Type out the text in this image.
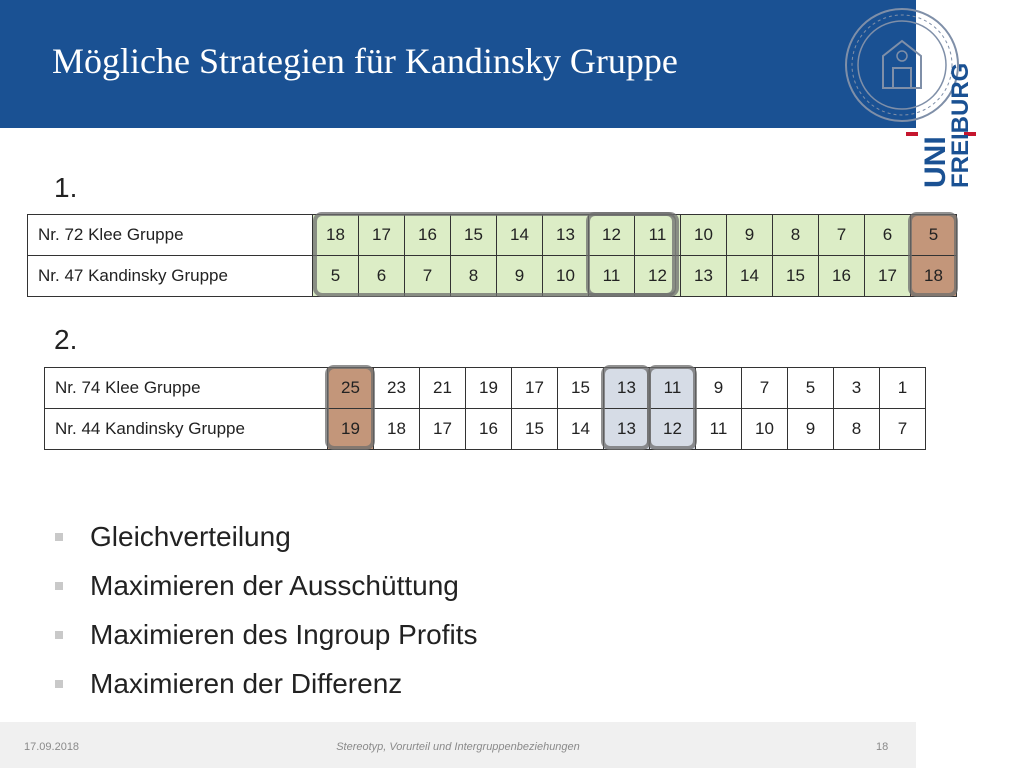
Mögliche Strategien für Kandinsky Gruppe
UNI
FREIBURG
1.
Nr. 72 Klee Gruppe	18	17	16	15	14	13	12	11	10	9	8	7	6	5
Nr. 47 Kandinsky Gruppe	5	6	7	8	9	10	11	12	13	14	15	16	17	18
2.
Nr. 74 Klee Gruppe	25	23	21	19	17	15	13	11	9	7	5	3	1
Nr. 44 Kandinsky Gruppe	19	18	17	16	15	14	13	12	11	10	9	8	7
Gleichverteilung
Maximieren der Ausschüttung
Maximieren des Ingroup Profits
Maximieren der Differenz
17.09.2018	Stereotyp, Vorurteil und Intergruppenbeziehungen	18
